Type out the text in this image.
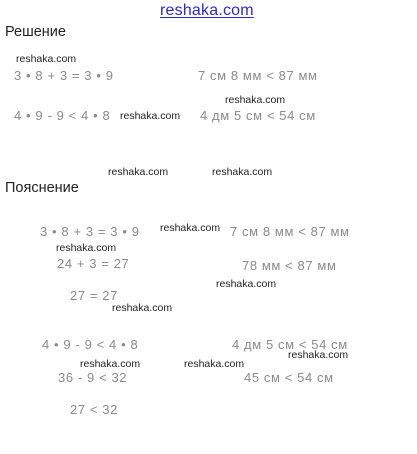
reshaka.com
Решение
reshaka.com
3 • 8 + 3 = 3 • 9	7 см 8 мм < 87 мм
reshaka.com
4 • 9 - 9 < 4 • 8 reshaka.com 4 дм 5 см < 54 см
reshaka.com	reshaka.com
Пояснение
3 • 8 + 3 = 3 • 9 reshaka.com 7 см 8 мм < 87 мм
reshaka.com
24 + 3 = 27	78 мм < 87 мм
reshaka.com
27 = 27
reshaka.com
4 • 9 - 9 < 4 • 8	4 дм 5 см < 54 см
reshaka.com
reshaka.com	reshaka.com
36 - 9 < 32	45 см < 54 см
27 < 32
